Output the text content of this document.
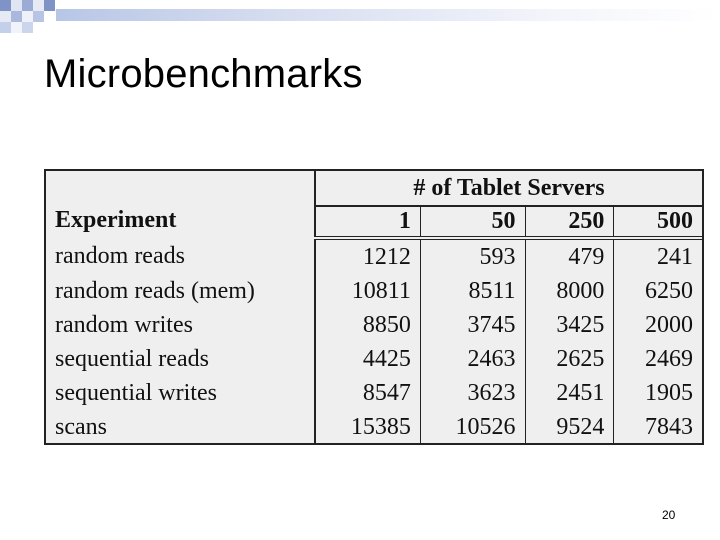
Microbenchmarks
Experiment	# of Tablet Servers			
	1	50	250	500
random reads	1212	593	479	241
random reads (mem)	10811	8511	8000	6250
random writes	8850	3745	3425	2000
sequential reads	4425	2463	2625	2469
sequential writes	8547	3623	2451	1905
scans	15385	10526	9524	7843
20
